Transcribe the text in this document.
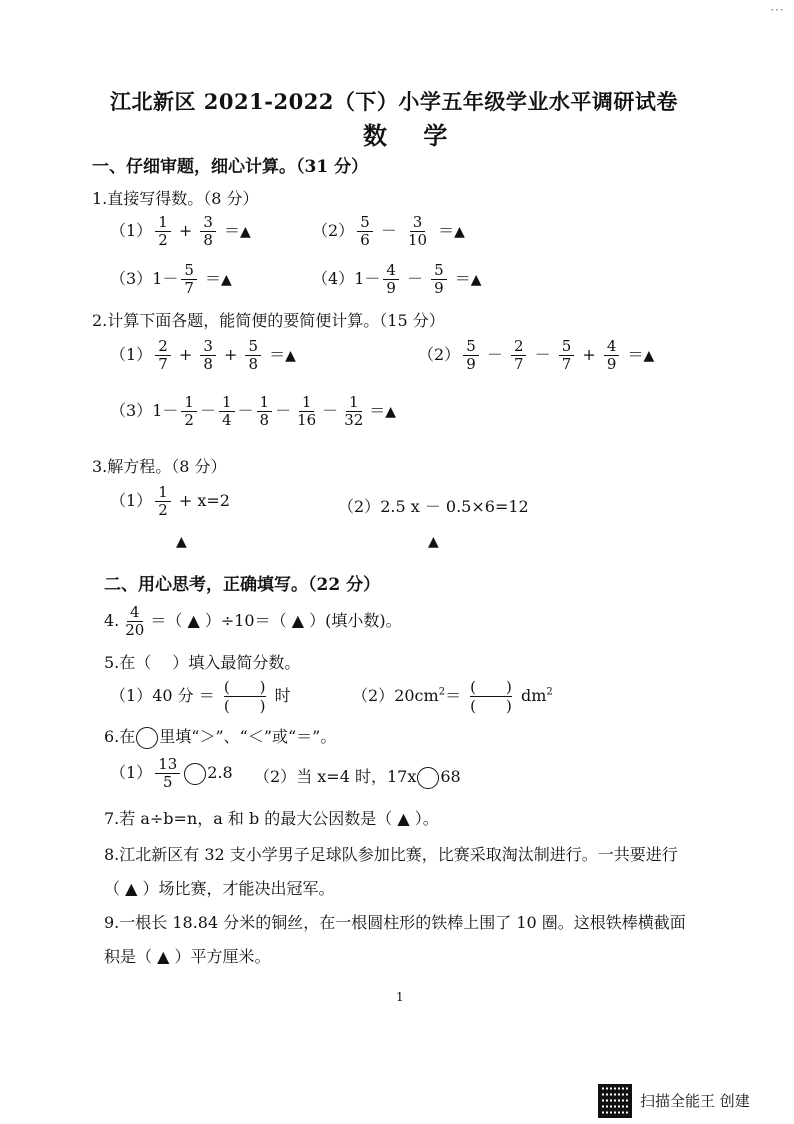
⋯
江北新区 2021-2022（下）小学五年级学业水平调研试卷
数 学
一、仔细审题，细心计算。（31 分）
1.直接写得数。（8 分）
$(1) \frac{1}{2} + \frac{3}{8}$ ＝▲	$(2) \frac{5}{6} - \frac{3}{10}$ ＝▲
$(3)1- \frac{5}{7}$ ＝▲	$(4)1- \frac{4}{9} - \frac{5}{9}$ ＝▲
2.计算下面各题，能简便的要简便计算。（15 分）
$(1) \frac{2}{7} + \frac{3}{8} + \frac{5}{8}$ ＝▲	$(2) \frac{5}{9} - \frac{2}{7} - \frac{5}{7} + \frac{4}{9}$ ＝▲
$(3)1- \frac{1}{2} - \frac{1}{4} - \frac{1}{8} - \frac{1}{16} - \frac{1}{32}$ ＝▲
3.解方程。（8 分）
$(1) \frac{1}{2} + x=2$	（2）2.5 x － 0.5×6=12
▲	▲
二、用心思考，正确填写。（22 分）
4. $\frac{4}{20}$ ＝（ ▲ ）÷10＝（ ▲ ）(填小数)。
5.在（　 ）填入最简分数。
（1）40 分 ＝ (　　)
(　　)
时	$(2)20cm^2=$ (　　)
(　　)
$dm^2$
6.在 里填“＞”、“＜”或“＝”。
$(1) \frac{13}{5} 2.8$ （2）当 x=4 时，17x 68
7.若 a÷b=n，a 和 b 的最大公因数是（ ▲ ）。
8.江北新区有 32 支小学男子足球队参加比赛，比赛采取淘汰制进行。一共要进行
（ ▲ ）场比赛，才能决出冠军。
9.一根长 18.84 分米的铜丝，在一根圆柱形的铁棒上围了 10 圈。这根铁棒横截面
积是（ ▲ ）平方厘米。
1
扫描全能王 创建
